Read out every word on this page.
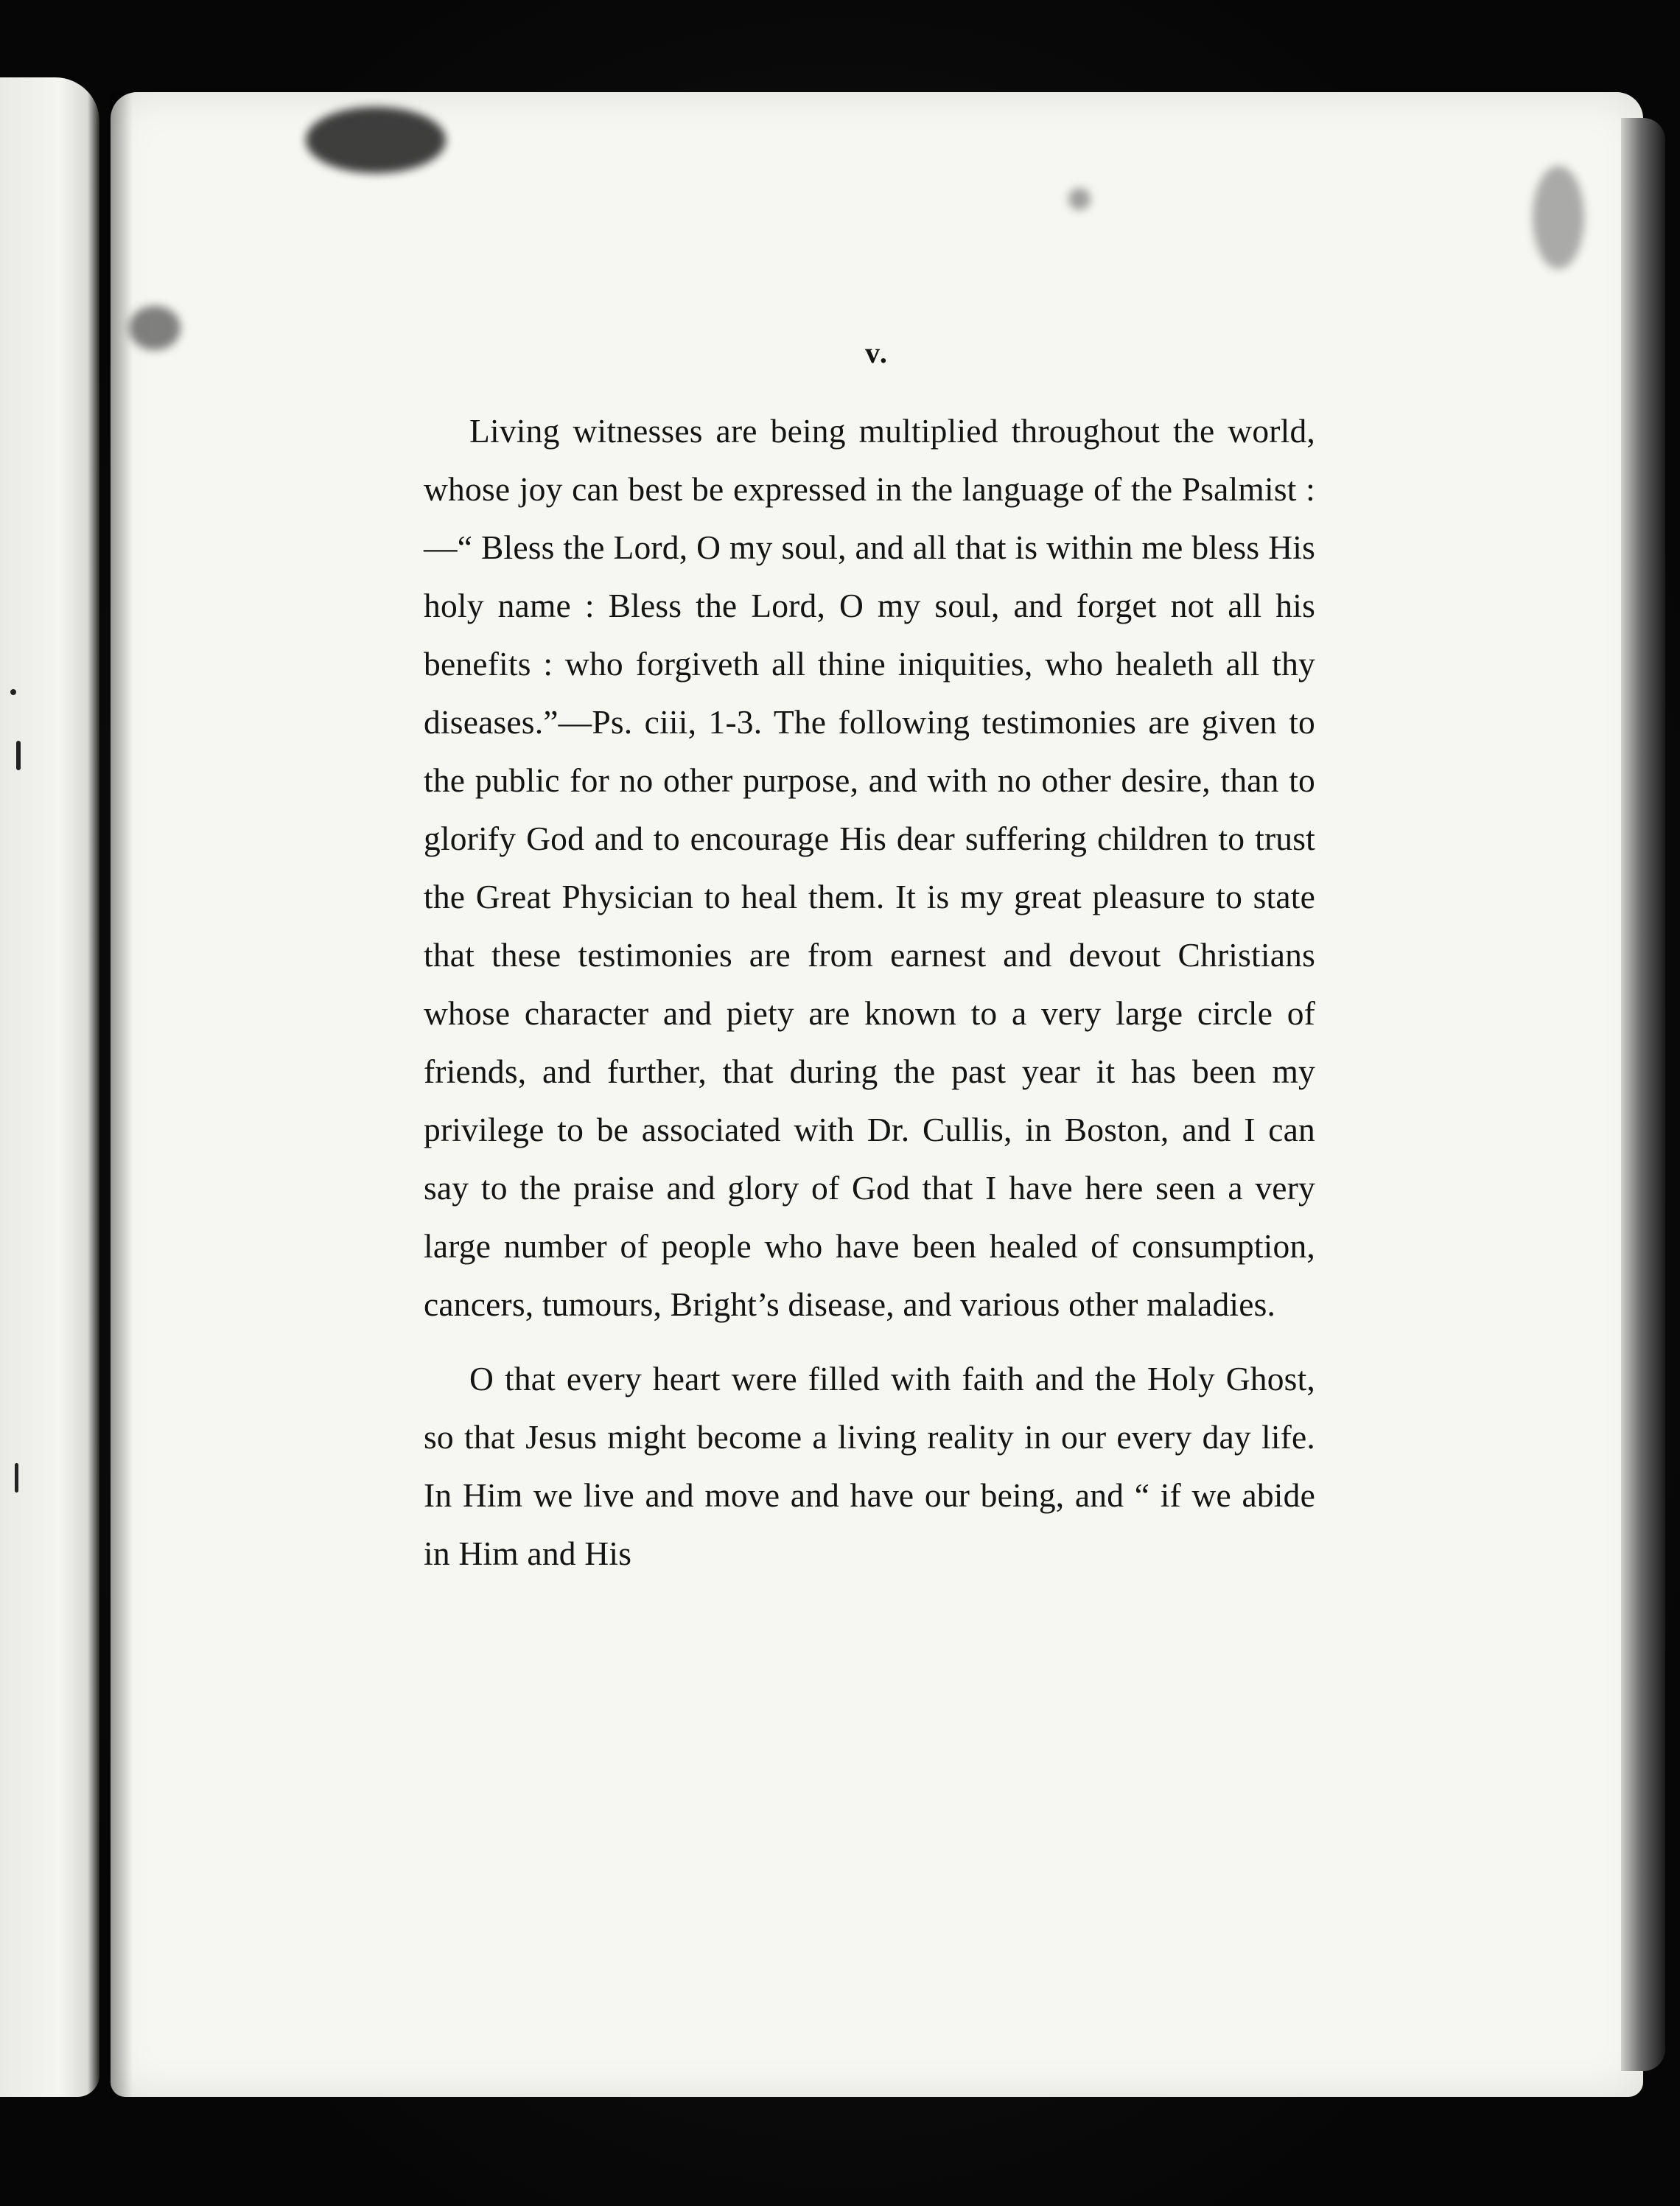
v.

Living witnesses are being multiplied throughout the world, whose joy can best be expressed in the language of the Psalmist :—“ Bless the Lord, O my soul, and all that is within me bless His holy name : Bless the Lord, O my soul, and forget not all his benefits : who forgiveth all thine iniquities, who healeth all thy diseases.”—Ps. ciii, 1-3. The following testimonies are given to the public for no other purpose, and with no other desire, than to glorify God and to encourage His dear suffering children to trust the Great Physician to heal them. It is my great pleasure to state that these testimonies are from earnest and devout Christians whose character and piety are known to a very large circle of friends, and further, that during the past year it has been my privilege to be associated with Dr. Cullis, in Boston, and I can say to the praise and glory of God that I have here seen a very large number of people who have been healed of consumption, cancers, tumours, Bright’s disease, and various other maladies.

O that every heart were filled with faith and the Holy Ghost, so that Jesus might become a living reality in our every day life. In Him we live and move and have our being, and “ if we abide in Him and His
